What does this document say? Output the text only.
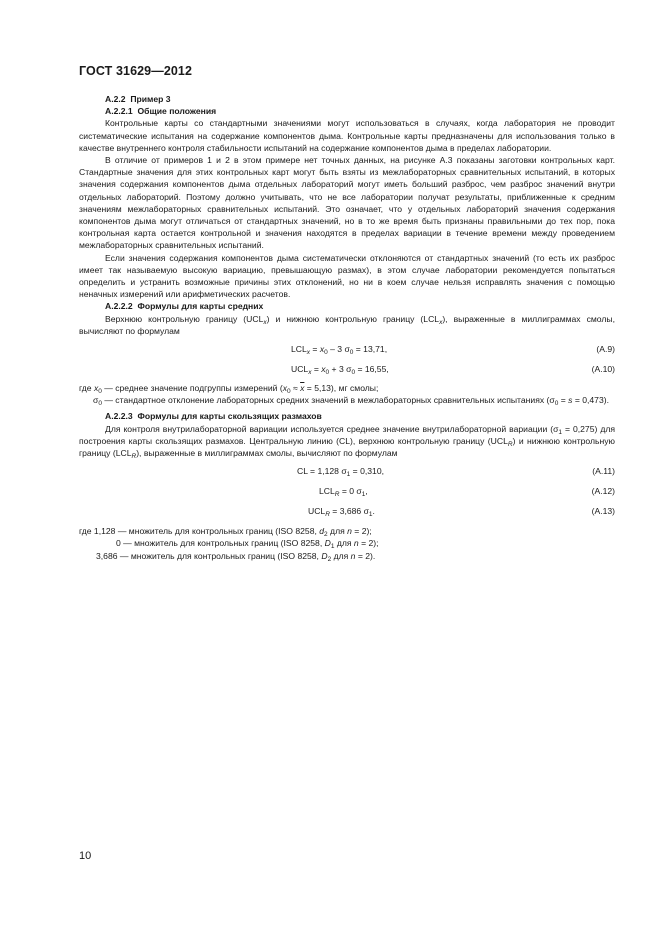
ГОСТ 31629—2012

А.2.2 Пример 3

А.2.2.1 Общие положения

Контрольные карты со стандартными значениями могут использоваться в случаях, когда лаборатория не проводит систематические испытания на содержание компонентов дыма. Контрольные карты предназначены для использования только в качестве внутреннего контроля стабильности испытаний на содержание компонентов дыма в пределах лаборатории.

В отличие от примеров 1 и 2 в этом примере нет точных данных, на рисунке А.3 показаны заготовки контрольных карт. Стандартные значения для этих контрольных карт могут быть взяты из межлабораторных сравнительных испытаний, в которых значения содержания компонентов дыма отдельных лабораторий могут иметь больший разброс, чем разброс значений внутри отдельных лабораторий. Поэтому должно учитывать, что не все лаборатории получат результаты, приближенные к средним значениям межлабораторных сравнительных испытаний. Это означает, что у отдельных лабораторий значения содержания компонентов дыма могут отличаться от стандартных значений, но в то же время быть признаны правильными до тех пор, пока контрольная карта остается контрольной и значения находятся в пределах вариации в течение времени между проведением межлабораторных сравнительных испытаний.

Если значения содержания компонентов дыма систематически отклоняются от стандартных значений (то есть их разброс имеет так называемую высокую вариацию, превышающую размах), в этом случае лаборатории рекомендуется попытаться определить и устранить возможные причины этих отклонений, но ни в коем случае нельзя исправлять значения с помощью неначных измерений или арифметических расчетов.

А.2.2.2 Формулы для карты средних

Верхнюю контрольную границу $(UCL_x)$ и нижнюю контрольную границу $(LCL_x)$, выраженные в миллиграммах смолы, вычисляют по формулам

$LCL_x = x_0 - 3$ $\sigma_0 = 13,71$,	(А.9)
$UCL_x = x_0 + 3$ $\sigma_0 = 16,55$,	(А.10)

где $x_0$ — среднее значение подгруппы измерений $(x_0 \approx \overline{x} = 5,13)$, мг смолы;

$\sigma_0$ — стандартное отклонение лабораторных средних значений в межлабораторных сравнительных испытаниях $(\sigma_0 = s = 0,473)$.

А.2.2.3 Формулы для карты скользящих размахов

Для контроля внутрилабораторной вариации используется среднее значение внутрилабораторной вариации $(\sigma_1 = 0,275)$ для построения карты скользящих размахов. Центральную линию (CL), верхнюю контрольную границу $(UCL_R)$ и нижнюю контрольную границу $(LCL_R)$, выраженные в миллиграммах смолы, вычисляют по формулам

CL = 1,128 $\sigma_1 = 0,310$,	(А.11)
$LCL_R = 0$ $\sigma_1$,	(А.12)
$UCL_R = 3,686$ $\sigma_1$.	(А.13)

где 1,128 — множитель для контрольных границ (ISO 8258, $d_2$ для n = 2);

0 — множитель для контрольных границ (ISO 8258, $D_1$ для n = 2);

3,686 — множитель для контрольных границ (ISO 8258, $D_2$ для n = 2).

10
